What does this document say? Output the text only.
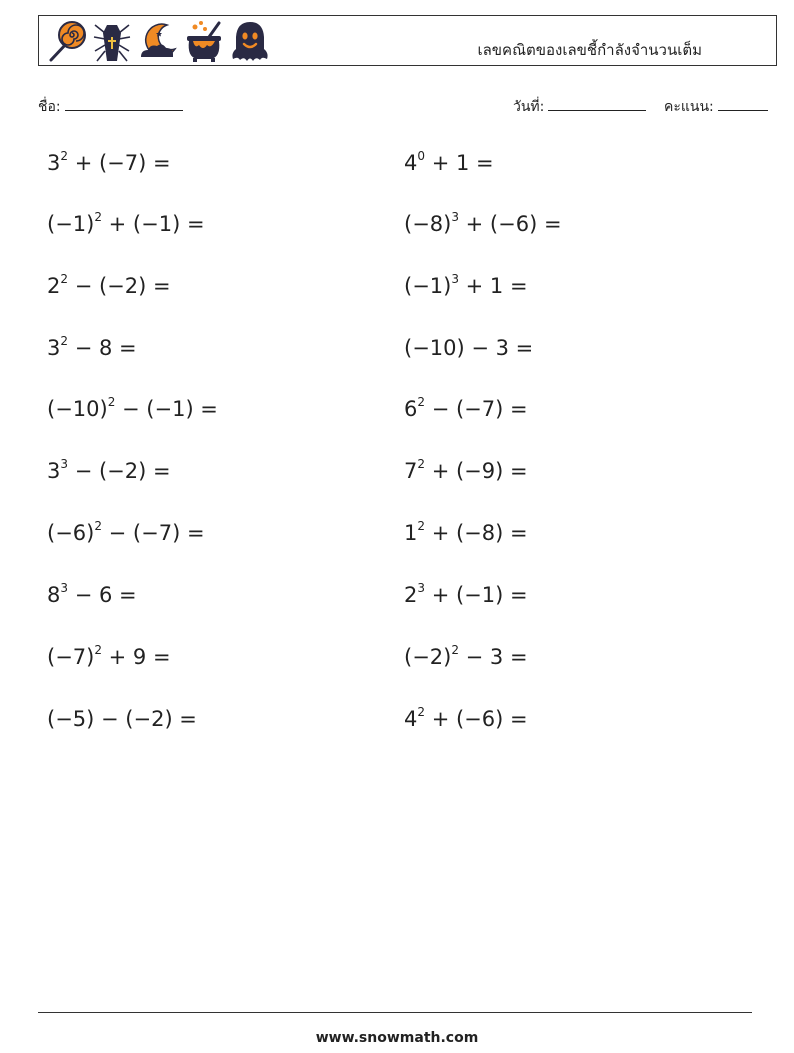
เลขคณิตของเลขชี้กำลังจำนวนเต็ม
ชื่อ:	วันที่:	คะแนน:
$3^2 + (-7)$ =	$4^0 + 1$ =
$(-1)^2 + (-1)$ =	$(-8)^3 + (-6)$ =
$2^2 - (-2)$ =	$(-1)^3 + 1$ =
$3^2 - 8$ =	(−10) − 3 =
$(-10)^2 - (-1)$ =	$6^2 - (-7)$ =
$3^3 - (-2)$ =	$7^2 + (-9)$ =
$(-6)^2 - (-7)$ =	$1^2 + (-8)$ =
$8^3 - 6$ =	$2^3 + (-1)$ =
$(-7)^2 + 9$ =	$(-2)^2 - 3$ =
(−5) − (−2) =	$4^2 + (-6)$ =
www.snowmath.com
